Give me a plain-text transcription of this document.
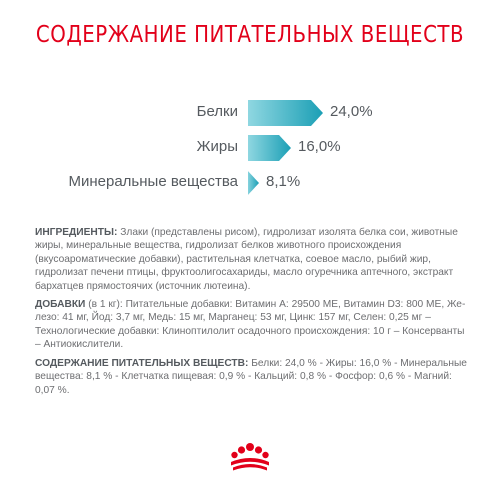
СОДЕРЖАНИЕ ПИТАТЕЛЬНЫХ ВЕЩЕСТВ
Белки	24,0%
Жиры	16,0%
Минеральные вещества 8,1%
ИНГРЕДИЕНТЫ: Злаки (представлены рисом), гидролизат изолята белка сои, животные жиры, минеральные вещества, гидролизат белков животного происхождения (вкусоароматические добавки), растительная клетчатка, соевое масло, рыбий жир, гидролизат печени птицы, фруктоолигосахариды, масло огуречника аптечного, экстракт бархатцев прямостоячих (источник лютеина).
ДОБАВКИ (в 1 кг): Питательные добавки: Витамин А: 29500 МЕ, Витамин D3: 800 МЕ, Же-лезо: 41 мг, Йод: 3,7 мг, Медь: 15 мг, Марганец: 53 мг, Цинк: 157 мг, Селен: 0,25 мг – Технологические добавки: Клиноптилолит осадочного происхождения: 10 г – Консерванты – Антиокислители.
СОДЕРЖАНИЕ ПИТАТЕЛЬНЫХ ВЕЩЕСТВ: Белки: 24,0 % - Жиры: 16,0 % - Минеральные вещества: 8,1 % - Клетчатка пищевая: 0,9 % - Кальций: 0,8 % - Фосфор: 0,6 % - Магний: 0,07 %.
